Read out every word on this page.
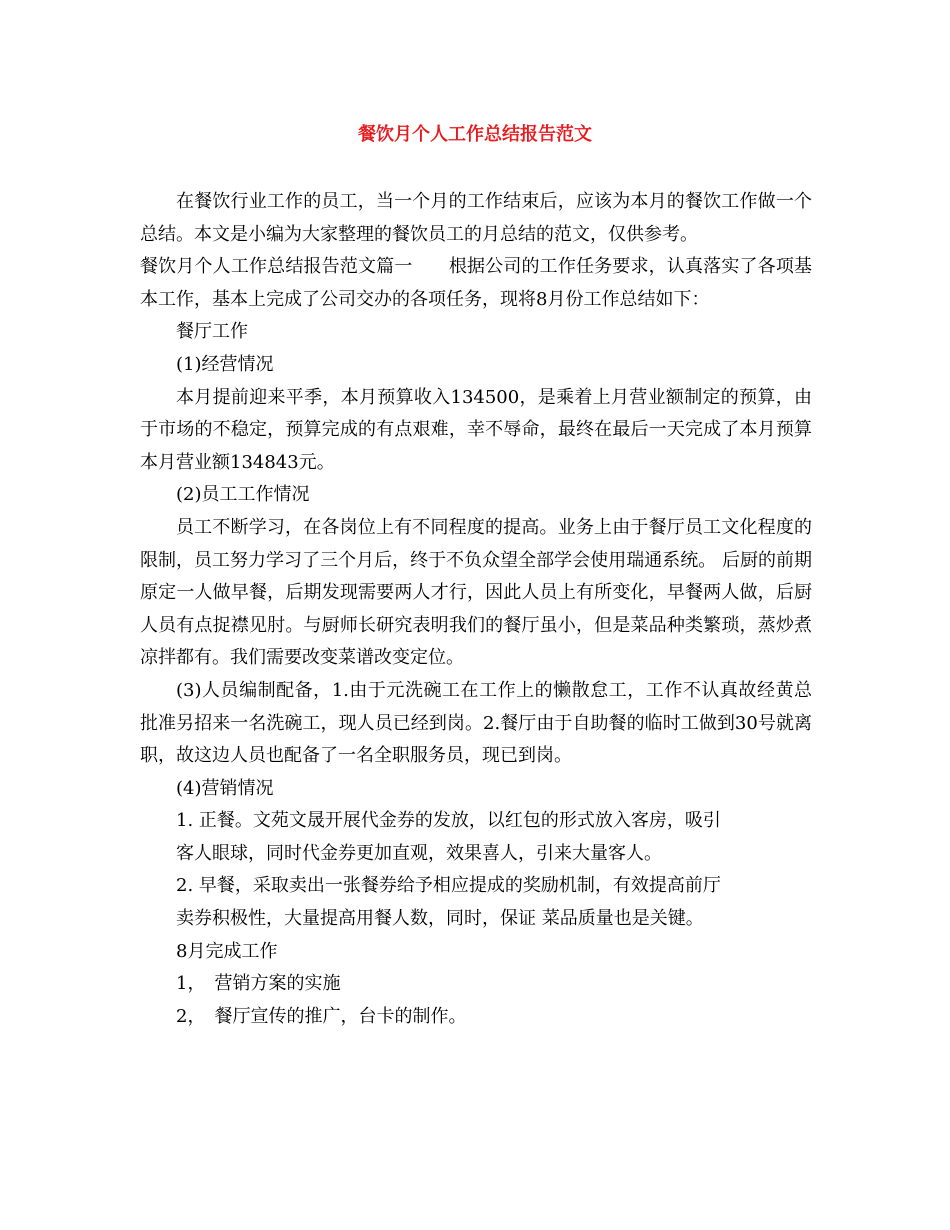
餐饮月个人工作总结报告范文

在餐饮行业工作的员工，当一个月的工作结束后，应该为本月的餐饮工作做一个总结。本文是小编为大家整理的餐饮员工的月总结的范文，仅供参考。

餐饮月个人工作总结报告范文篇一　　根据公司的工作任务要求，认真落实了各项基本工作，基本上完成了公司交办的各项任务，现将8月份工作总结如下：

餐厅工作

(1)经营情况

本月提前迎来平季，本月预算收入134500，是乘着上月营业额制定的预算，由于市场的不稳定，预算完成的有点艰难，幸不辱命，最终在最后一天完成了本月预算本月营业额134843元。

(2)员工工作情况

员工不断学习，在各岗位上有不同程度的提高。业务上由于餐厅员工文化程度的限制，员工努力学习了三个月后，终于不负众望全部学会使用瑞通系统。 后厨的前期原定一人做早餐，后期发现需要两人才行，因此人员上有所变化，早餐两人做，后厨人员有点捉襟见肘。与厨师长研究表明我们的餐厅虽小，但是菜品种类繁琐，蒸炒煮凉拌都有。我们需要改变菜谱改变定位。

(3)人员编制配备，1.由于元洗碗工在工作上的懒散怠工，工作不认真故经黄总批准另招来一名洗碗工，现人员已经到岗。2.餐厅由于自助餐的临时工做到30号就离职，故这边人员也配备了一名全职服务员，现已到岗。

(4)营销情况

1. 正餐。文苑文晟开展代金券的发放，以红包的形式放入客房，吸引

客人眼球，同时代金券更加直观，效果喜人，引来大量客人。

2. 早餐，采取卖出一张餐券给予相应提成的奖励机制，有效提高前厅

卖券积极性，大量提高用餐人数，同时，保证 菜品质量也是关键。

8月完成工作

1，　营销方案的实施

2，　餐厅宣传的推广，台卡的制作。
